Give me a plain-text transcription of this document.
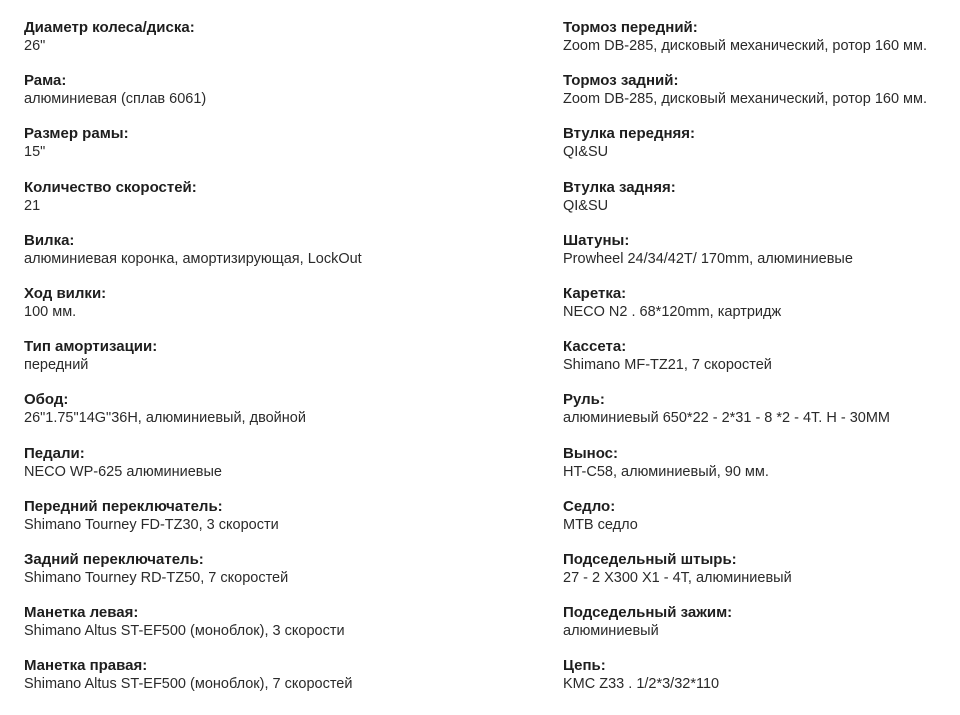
Диаметр колеса/диска:
26"
Рама:
алюминиевая (сплав 6061)
Размер рамы:
15"
Количество скоростей:
21
Вилка:
алюминиевая коронка, амортизирующая, LockOut
Ход вилки:
100 мм.
Тип амортизации:
передний
Обод:
26"1.75"14G"36H, алюминиевый, двойной
Педали:
NECO WP-625 алюминиевые
Передний переключатель:
Shimano Tourney FD-TZ30, 3 скорости
Задний переключатель:
Shimano Tourney RD-TZ50, 7 скоростей
Манетка левая:
Shimano Altus ST-EF500 (моноблок), 3 скорости
Манетка правая:
Shimano Altus ST-EF500 (моноблок), 7 скоростей
Тормоз передний:
Zoom DB-285, дисковый механический, ротор 160 мм.
Тормоз задний:
Zoom DB-285, дисковый механический, ротор 160 мм.
Втулка передняя:
QI&SU
Втулка задняя:
QI&SU
Шатуны:
Prowheel 24/34/42T/ 170mm, алюминиевые
Каретка:
NECO N2 . 68*120mm, картридж
Кассета:
Shimano MF-TZ21, 7 скоростей
Руль:
алюминиевый 650*22 - 2*31 - 8 *2 - 4T. H - 30MM
Вынос:
HT-C58, алюминиевый, 90 мм.
Седло:
МТВ седло
Подседельный штырь:
27 - 2 X300 X1 - 4T, алюминиевый
Подседельный зажим:
алюминиевый
Цепь:
KMC Z33 . 1/2*3/32*110
